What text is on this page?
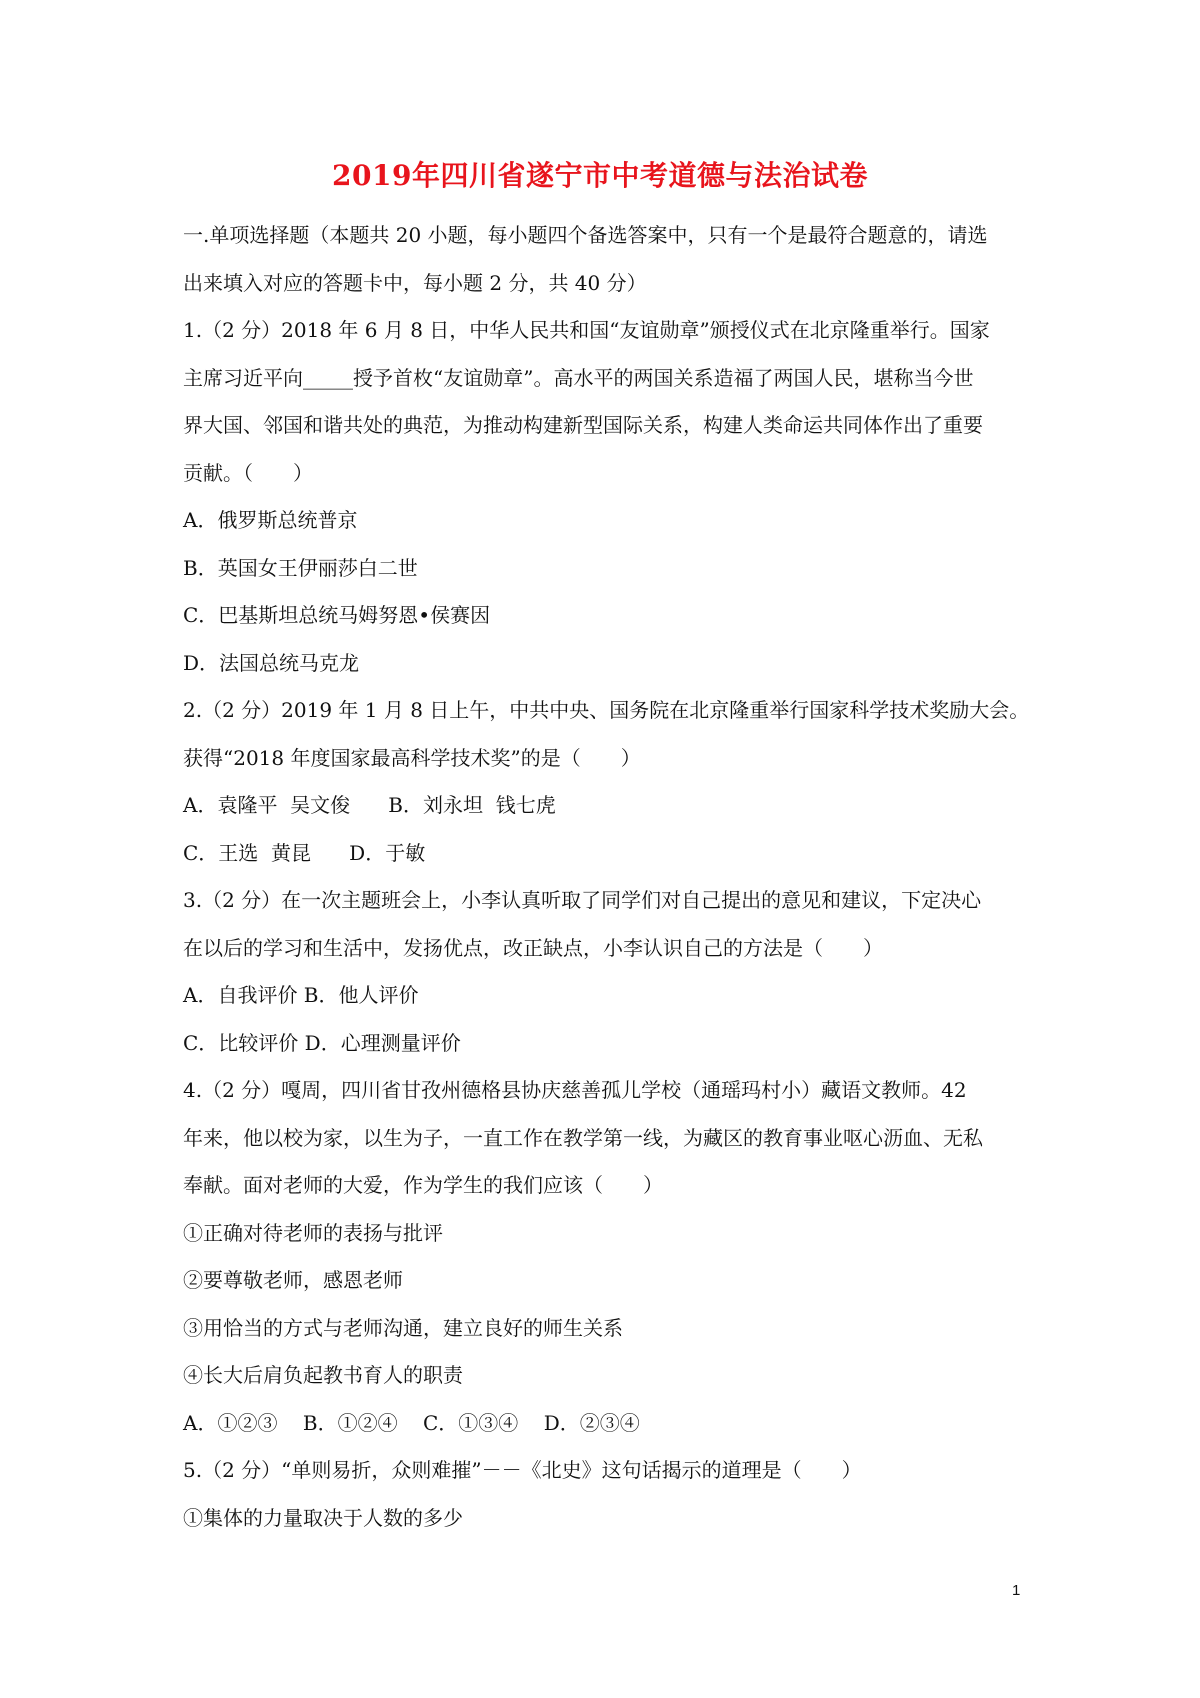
2019年四川省遂宁市中考道德与法治试卷
一.单项选择题（本题共 20 小题，每小题四个备选答案中，只有一个是最符合题意的，请选
出来填入对应的答题卡中，每小题 2 分，共 40 分）
1.（2 分）2018 年 6 月 8 日，中华人民共和国“友谊勋章”颁授仪式在北京隆重举行。国家
主席习近平向_____授予首枚“友谊勋章”。高水平的两国关系造福了两国人民，堪称当今世
界大国、邻国和谐共处的典范，为推动构建新型国际关系，构建人类命运共同体作出了重要
贡献。（　　）
A．俄罗斯总统普京
B．英国女王伊丽莎白二世
C．巴基斯坦总统马姆努恩•侯赛因
D．法国总统马克龙
2.（2 分）2019 年 1 月 8 日上午，中共中央、国务院在北京隆重举行国家科学技术奖励大会。
获得“2018 年度国家最高科学技术奖”的是（　　）
A．袁隆平  吴文俊      B．刘永坦  钱七虎
C．王选  黄昆      D．于敏
3.（2 分）在一次主题班会上，小李认真听取了同学们对自己提出的意见和建议，下定决心
在以后的学习和生活中，发扬优点，改正缺点，小李认识自己的方法是（　　）
A．自我评价 B．他人评价
C．比较评价 D．心理测量评价
4.（2 分）嘎周，四川省甘孜州德格县协庆慈善孤儿学校（通瑶玛村小）藏语文教师。42
年来，他以校为家，以生为子，一直工作在教学第一线，为藏区的教育事业呕心沥血、无私
奉献。面对老师的大爱，作为学生的我们应该（　　）
①正确对待老师的表扬与批评
②要尊敬老师，感恩老师
③用恰当的方式与老师沟通，建立良好的师生关系
④长大后肩负起教书育人的职责
A．①②③    B．①②④    C．①③④    D．②③④
5.（2 分）“单则易折，众则难摧”－－《北史》这句话揭示的道理是（　　）
①集体的力量取决于人数的多少
1
